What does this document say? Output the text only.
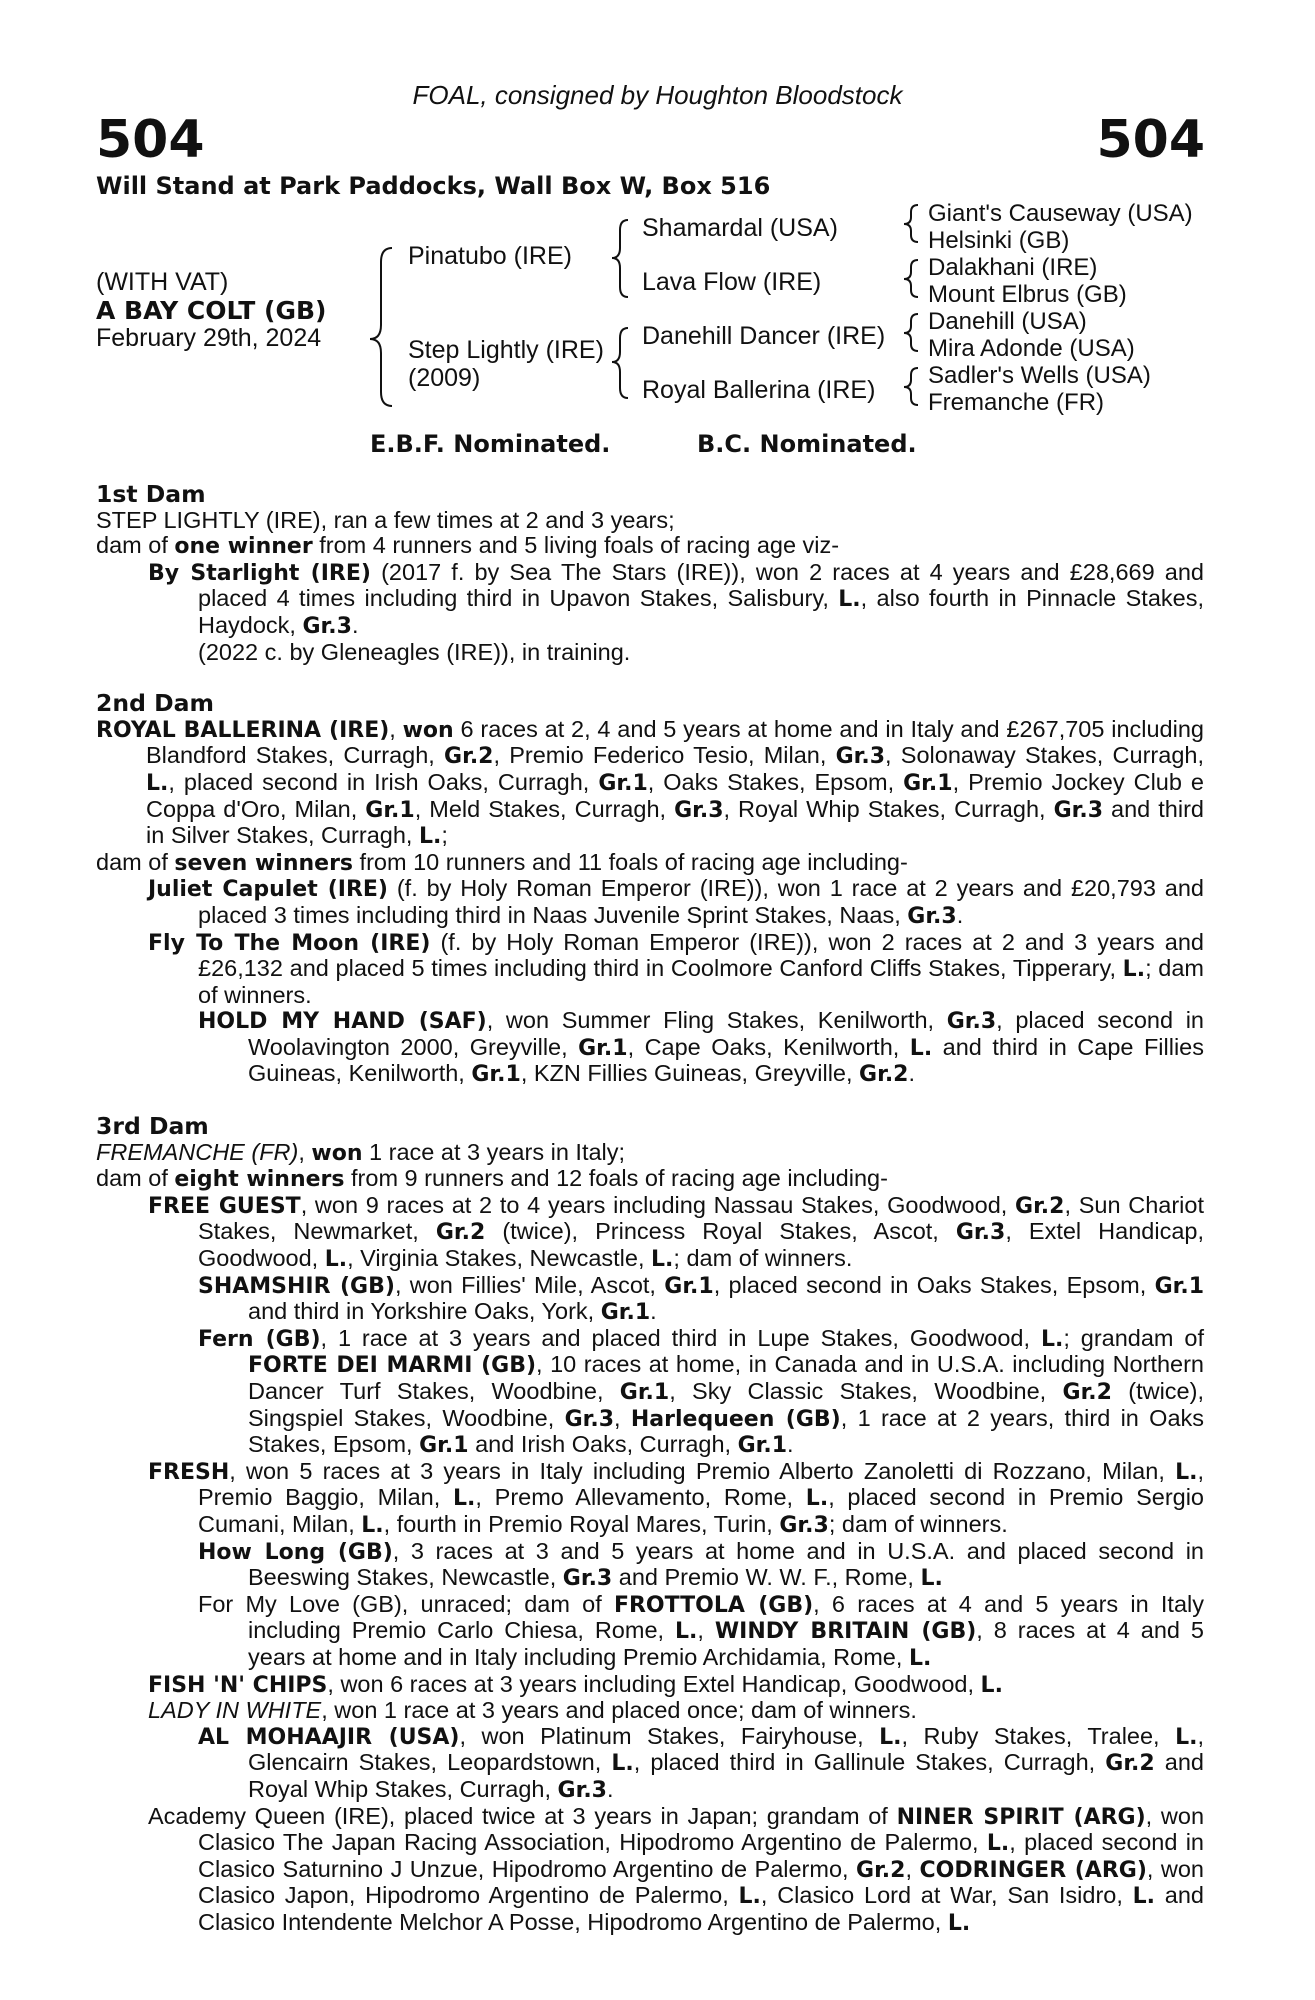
FOAL, consigned by Houghton Bloodstock
504	504
Will Stand at Park Paddocks, Wall Box W, Box 516
(WITH VAT)
A BAY COLT (GB)
February 29th, 2024
Pinatubo (IRE)
Step Lightly (IRE)
(2009)
Shamardal (USA)
Lava Flow (IRE)
Danehill Dancer (IRE)
Royal Ballerina (IRE)
Giant's Causeway (USA)
Helsinki (GB)
Dalakhani (IRE)
Mount Elbrus (GB)
Danehill (USA)
Mira Adonde (USA)
Sadler's Wells (USA)
Fremanche (FR)
E.B.F. Nominated.	B.C. Nominated.

1st Dam

STEP LIGHTLY (IRE), ran a few times at 2 and 3 years;

dam of one winner from 4 runners and 5 living foals of racing age viz-

By Starlight (IRE) (2017 f. by Sea The Stars (IRE)), won 2 races at 4 years and £28,669 and placed 4 times including third in Upavon Stakes, Salisbury, L., also fourth in Pinnacle Stakes, Haydock, Gr.3.

(2022 c. by Gleneagles (IRE)), in training.

2nd Dam

ROYAL BALLERINA (IRE), won 6 races at 2, 4 and 5 years at home and in Italy and £267,705 including Blandford Stakes, Curragh, Gr.2, Premio Federico Tesio, Milan, Gr.3, Solonaway Stakes, Curragh, L., placed second in Irish Oaks, Curragh, Gr.1, Oaks Stakes, Epsom, Gr.1, Premio Jockey Club e Coppa d'Oro, Milan, Gr.1, Meld Stakes, Curragh, Gr.3, Royal Whip Stakes, Curragh, Gr.3 and third in Silver Stakes, Curragh, L.;

dam of seven winners from 10 runners and 11 foals of racing age including-

Juliet Capulet (IRE) (f. by Holy Roman Emperor (IRE)), won 1 race at 2 years and £20,793 and placed 3 times including third in Naas Juvenile Sprint Stakes, Naas, Gr.3.

Fly To The Moon (IRE) (f. by Holy Roman Emperor (IRE)), won 2 races at 2 and 3 years and £26,132 and placed 5 times including third in Coolmore Canford Cliffs Stakes, Tipperary, L.; dam of winners.

HOLD MY HAND (SAF), won Summer Fling Stakes, Kenilworth, Gr.3, placed second in Woolavington 2000, Greyville, Gr.1, Cape Oaks, Kenilworth, L. and third in Cape Fillies Guineas, Kenilworth, Gr.1, KZN Fillies Guineas, Greyville, Gr.2.

3rd Dam

FREMANCHE (FR), won 1 race at 3 years in Italy;

dam of eight winners from 9 runners and 12 foals of racing age including-

FREE GUEST, won 9 races at 2 to 4 years including Nassau Stakes, Goodwood, Gr.2, Sun Chariot Stakes, Newmarket, Gr.2 (twice), Princess Royal Stakes, Ascot, Gr.3, Extel Handicap, Goodwood, L., Virginia Stakes, Newcastle, L.; dam of winners.

SHAMSHIR (GB), won Fillies' Mile, Ascot, Gr.1, placed second in Oaks Stakes, Epsom, Gr.1 and third in Yorkshire Oaks, York, Gr.1.

Fern (GB), 1 race at 3 years and placed third in Lupe Stakes, Goodwood, L.; grandam of FORTE DEI MARMI (GB), 10 races at home, in Canada and in U.S.A. including Northern Dancer Turf Stakes, Woodbine, Gr.1, Sky Classic Stakes, Woodbine, Gr.2 (twice), Singspiel Stakes, Woodbine, Gr.3, Harlequeen (GB), 1 race at 2 years, third in Oaks Stakes, Epsom, Gr.1 and Irish Oaks, Curragh, Gr.1.

FRESH, won 5 races at 3 years in Italy including Premio Alberto Zanoletti di Rozzano, Milan, L., Premio Baggio, Milan, L., Premo Allevamento, Rome, L., placed second in Premio Sergio Cumani, Milan, L., fourth in Premio Royal Mares, Turin, Gr.3; dam of winners.

How Long (GB), 3 races at 3 and 5 years at home and in U.S.A. and placed second in Beeswing Stakes, Newcastle, Gr.3 and Premio W. W. F., Rome, L.

For My Love (GB), unraced; dam of FROTTOLA (GB), 6 races at 4 and 5 years in Italy including Premio Carlo Chiesa, Rome, L., WINDY BRITAIN (GB), 8 races at 4 and 5 years at home and in Italy including Premio Archidamia, Rome, L.

FISH 'N' CHIPS, won 6 races at 3 years including Extel Handicap, Goodwood, L.

LADY IN WHITE, won 1 race at 3 years and placed once; dam of winners.

AL MOHAAJIR (USA), won Platinum Stakes, Fairyhouse, L., Ruby Stakes, Tralee, L., Glencairn Stakes, Leopardstown, L., placed third in Gallinule Stakes, Curragh, Gr.2 and Royal Whip Stakes, Curragh, Gr.3.

Academy Queen (IRE), placed twice at 3 years in Japan; grandam of NINER SPIRIT (ARG), won Clasico The Japan Racing Association, Hipodromo Argentino de Palermo, L., placed second in Clasico Saturnino J Unzue, Hipodromo Argentino de Palermo, Gr.2, CODRINGER (ARG), won Clasico Japon, Hipodromo Argentino de Palermo, L., Clasico Lord at War, San Isidro, L. and Clasico Intendente Melchor A Posse, Hipodromo Argentino de Palermo, L.
